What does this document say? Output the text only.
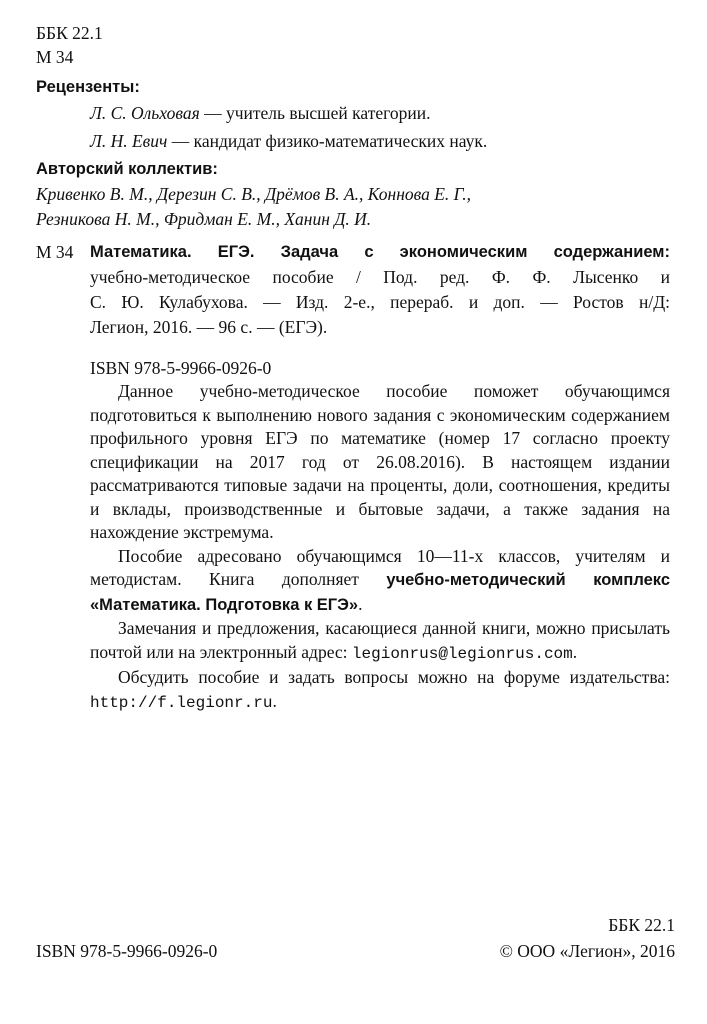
ББК 22.1
М 34
Рецензенты:
Л. С. Ольховая — учитель высшей категории.
Л. Н. Евич — кандидат физико-математических наук.
Авторский коллектив:
Кривенко В. М., Дерезин С. В., Дрёмов В. А., Коннова Е. Г.,
Резникова Н. М., Фридман Е. М., Ханин Д. И.
М 34 Математика. ЕГЭ. Задача с экономическим содержанием:
учебно-методическое пособие / Под. ред. Ф. Ф. Лысенко и
С. Ю. Кулабухова. — Изд. 2-е., перераб. и доп. — Ростов н/Д:
Легион, 2016. — 96 с. — (ЕГЭ).
ISBN 978-5-9966-0926-0

Данное учебно-методическое пособие поможет обучающимся подготовиться к выполнению нового задания с экономическим содержанием профильного уровня ЕГЭ по математике (номер 17 согласно проекту спецификации на 2017 год от 26.08.2016). В настоящем издании рассматриваются типовые задачи на проценты, доли, соотношения, кредиты и вклады, производственные и бытовые задачи, а также задания на нахождение экстремума.

Пособие адресовано обучающимся 10—11-х классов, учителям и методистам. Книга дополняет учебно-методический комплекс «Математика. Подготовка к ЕГЭ».

Замечания и предложения, касающиеся данной книги, можно присылать почтой или на электронный адрес: legionrus@legionrus.com.

Обсудить пособие и задать вопросы можно на форуме издательства: http://f.legionr.ru.

ББК 22.1
ISBN 978-5-9966-0926-0	© ООО «Легион», 2016
